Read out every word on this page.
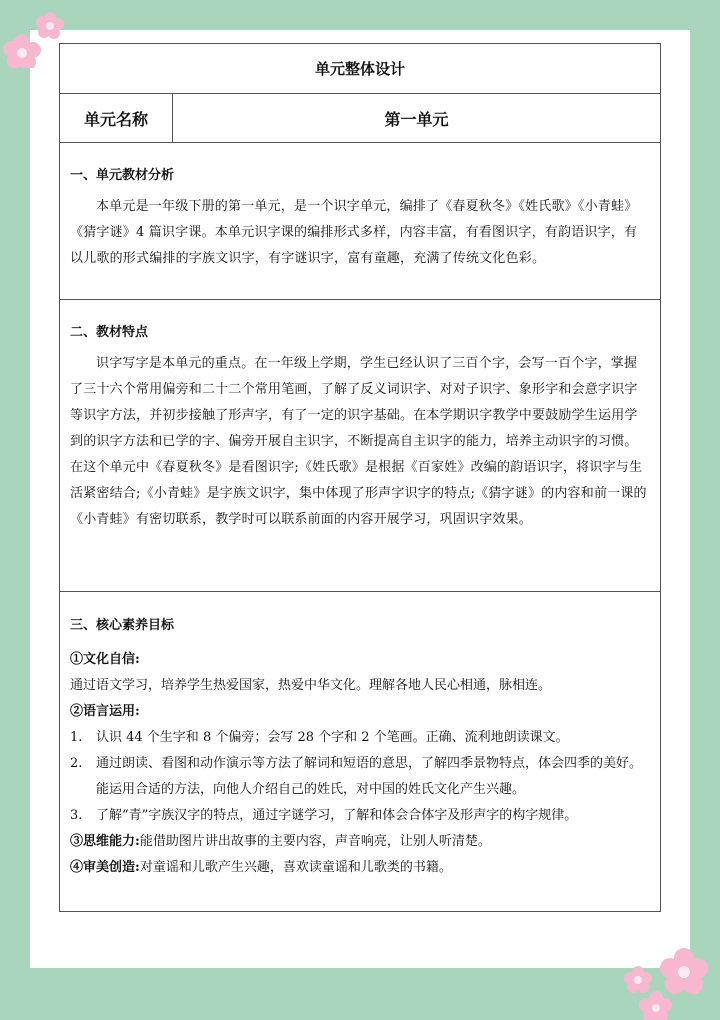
单元整体设计
单元名称	第一单元
一、单元教材分析

本单元是一年级下册的第一单元，是一个识字单元，编排了《春夏秋冬》《姓氏歌》《小青蛙》《猜字谜》4 篇识字课。本单元识字课的编排形式多样，内容丰富，有看图识字，有韵语识字，有以儿歌的形式编排的字族文识字，有字谜识字，富有童趣，充满了传统文化色彩。

二、教材特点

识字写字是本单元的重点。在一年级上学期，学生已经认识了三百个字，会写一百个字，掌握了三十六个常用偏旁和二十二个常用笔画，了解了反义词识字、对对子识字、象形字和会意字识字等识字方法，并初步接触了形声字，有了一定的识字基础。在本学期识字教学中要鼓励学生运用学到的识字方法和已学的字、偏旁开展自主识字，不断提高自主识字的能力，培养主动识字的习惯。在这个单元中《春夏秋冬》是看图识字;《姓氏歌》是根据《百家姓》改编的韵语识字，将识字与生活紧密结合;《小青蛙》是字族文识字，集中体现了形声字识字的特点;《猜字谜》的内容和前一课的《小青蛙》有密切联系，教学时可以联系前面的内容开展学习，巩固识字效果。

三、核心素养目标
①文化自信:
通过语文学习，培养学生热爱国家，热爱中华文化。理解各地人民心相通，脉相连。
②语言运用:
1.	认识 44 个生字和 8 个偏旁；会写 28 个字和 2 个笔画。正确、流利地朗读课文。
2.	通过朗读、看图和动作演示等方法了解词和短语的意思，了解四季景物特点，体会四季的美好。能运用合适的方法，向他人介绍自己的姓氏，对中国的姓氏文化产生兴趣。
3.	了解“青”字族汉字的特点，通过字谜学习，了解和体会合体字及形声字的构字规律。
③思维能力:能借助图片讲出故事的主要内容，声音响亮，让别人听清楚。
④审美创造:对童谣和儿歌产生兴趣，喜欢读童谣和儿歌类的书籍。
